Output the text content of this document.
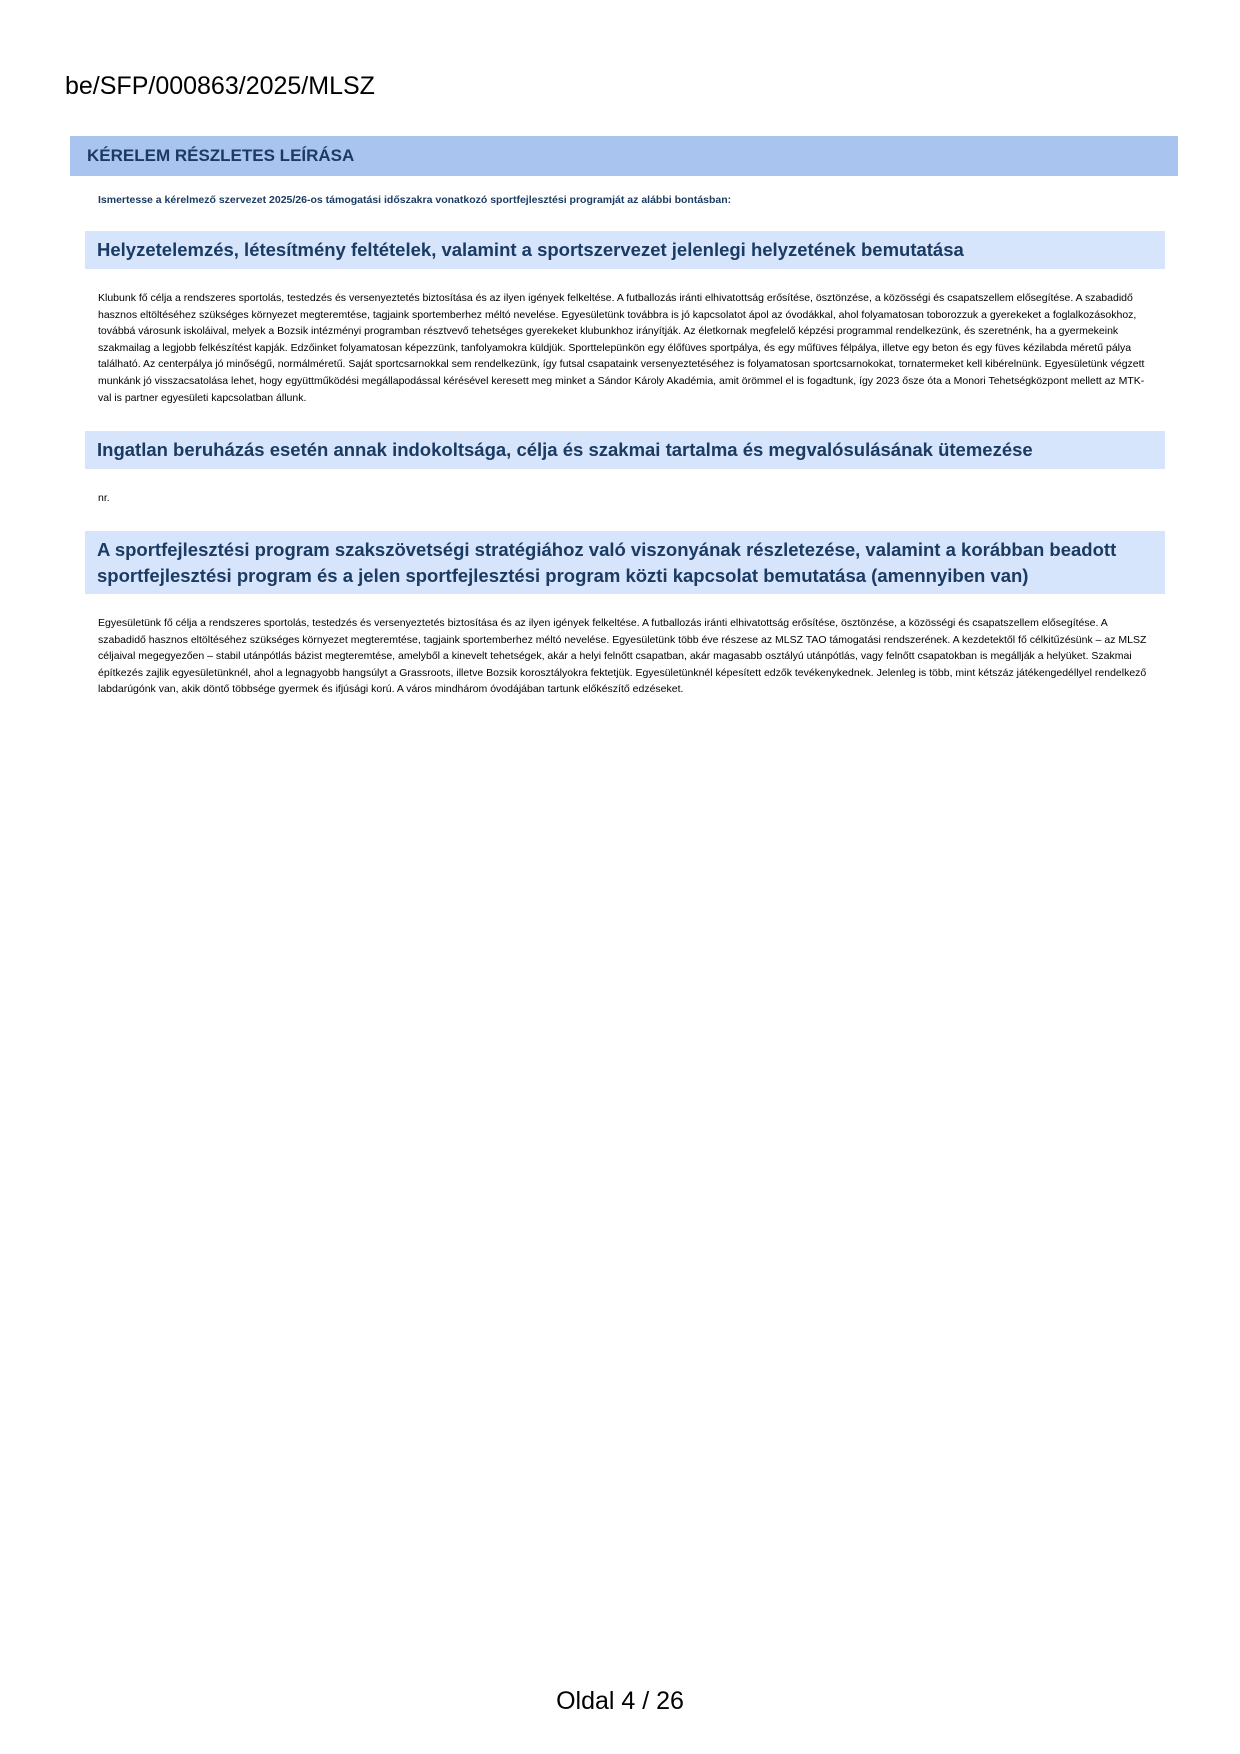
be/SFP/000863/2025/MLSZ
KÉRELEM RÉSZLETES LEÍRÁSA
Ismertesse a kérelmező szervezet 2025/26-os támogatási időszakra vonatkozó sportfejlesztési programját az alábbi bontásban:
Helyzetelemzés, létesítmény feltételek, valamint a sportszervezet jelenlegi helyzetének bemutatása
Klubunk fő célja a rendszeres sportolás, testedzés és versenyeztetés biztosítása és az ilyen igények felkeltése. A futballozás iránti elhivatottság erősítése, ösztönzése, a közösségi és csapatszellem elősegítése. A szabadidő hasznos eltöltéséhez szükséges környezet megteremtése, tagjaink sportemberhez méltó nevelése. Egyesületünk továbbra is jó kapcsolatot ápol az óvodákkal, ahol folyamatosan toborozzuk a gyerekeket a foglalkozásokhoz, továbbá városunk iskoláival, melyek a Bozsik intézményi programban résztvevő tehetséges gyerekeket klubunkhoz irányítják. Az életkornak megfelelő képzési programmal rendelkezünk, és szeretnénk, ha a gyermekeink szakmailag a legjobb felkészítést kapják. Edzőinket folyamatosan képezzünk, tanfolyamokra küldjük. Sporttelepünkön egy élőfüves sportpálya, és egy műfüves félpálya, illetve egy beton és egy füves kézilabda méretű pálya található. Az centerpálya jó minőségű, normálméretű. Saját sportcsarnokkal sem rendelkezünk, így futsal csapataink versenyeztetéséhez is folyamatosan sportcsarnokokat, tornatermeket kell kibérelnünk. Egyesületünk végzett munkánk jó visszacsatolása lehet, hogy együttműködési megállapodással kérésével keresett meg minket a Sándor Károly Akadémia, amit örömmel el is fogadtunk, így 2023 ősze óta a Monori Tehetségközpont mellett az MTK-val is partner egyesületi kapcsolatban állunk.
Ingatlan beruházás esetén annak indokoltsága, célja és szakmai tartalma és megvalósulásának ütemezése
nr.
A sportfejlesztési program szakszövetségi stratégiához való viszonyának részletezése, valamint a korábban beadott sportfejlesztési program és a jelen sportfejlesztési program közti kapcsolat bemutatása (amennyiben van)
Egyesületünk fő célja a rendszeres sportolás, testedzés és versenyeztetés biztosítása és az ilyen igények felkeltése. A futballozás iránti elhivatottság erősítése, ösztönzése, a közösségi és csapatszellem elősegítése. A szabadidő hasznos eltöltéséhez szükséges környezet megteremtése, tagjaink sportemberhez méltó nevelése. Egyesületünk több éve részese az MLSZ TAO támogatási rendszerének. A kezdetektől fő célkitűzésünk – az MLSZ céljaival megegyezően – stabil utánpótlás bázist megteremtése, amelyből a kinevelt tehetségek, akár a helyi felnőtt csapatban, akár magasabb osztályú utánpótlás, vagy felnőtt csapatokban is megállják a helyüket. Szakmai építkezés zajlik egyesületünknél, ahol a legnagyobb hangsúlyt a Grassroots, illetve Bozsik korosztályokra fektetjük. Egyesületünknél képesített edzők tevékenykednek. Jelenleg is több, mint kétszáz játékengedéllyel rendelkező labdarúgónk van, akik döntő többsége gyermek és ifjúsági korú. A város mindhárom óvodájában tartunk előkészítő edzéseket.
Oldal 4 / 26
